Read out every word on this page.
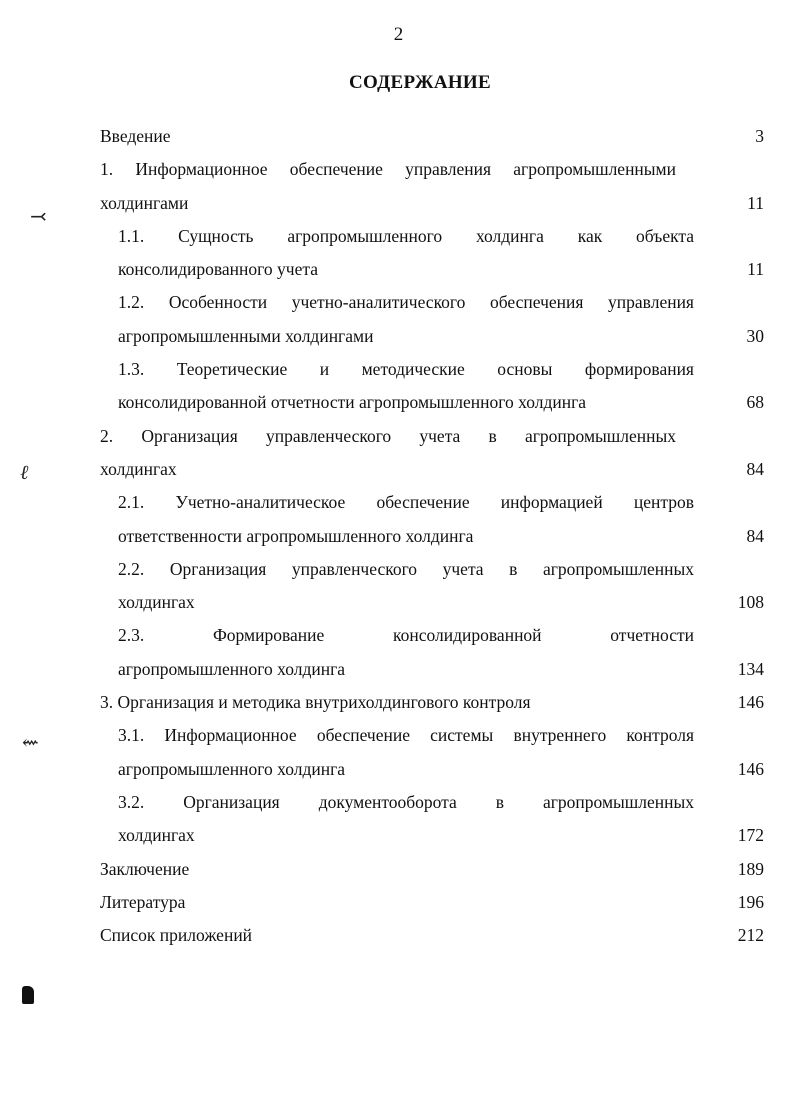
2
СОДЕРЖАНИЕ
Введение	3
1. Информационное обеспечение управления агропромышленными
холдингами	11
1.1. Сущность агропромышленного холдинга как объекта
консолидированного учета	11
1.2. Особенности учетно-аналитического обеспечения управления
агропромышленными холдингами	30
1.3. Теоретические и методические основы формирования
консолидированной отчетности агропромышленного холдинга	68
2. Организация управленческого учета в агропромышленных
холдингах	84
2.1. Учетно-аналитическое обеспечение информацией центров
ответственности агропромышленного холдинга	84
2.2. Организация управленческого учета в агропромышленных
холдингах	108
2.3. Формирование консолидированной отчетности
агропромышленного холдинга	134
3. Организация и методика внутрихолдингового контроля	146
3.1. Информационное обеспечение системы внутреннего контроля
агропромышленного холдинга	146
3.2. Организация документооборота в агропромышленных
холдингах	172
Заключение	189
Литература	196
Список приложений	212
⤙
ℓ
⇜
